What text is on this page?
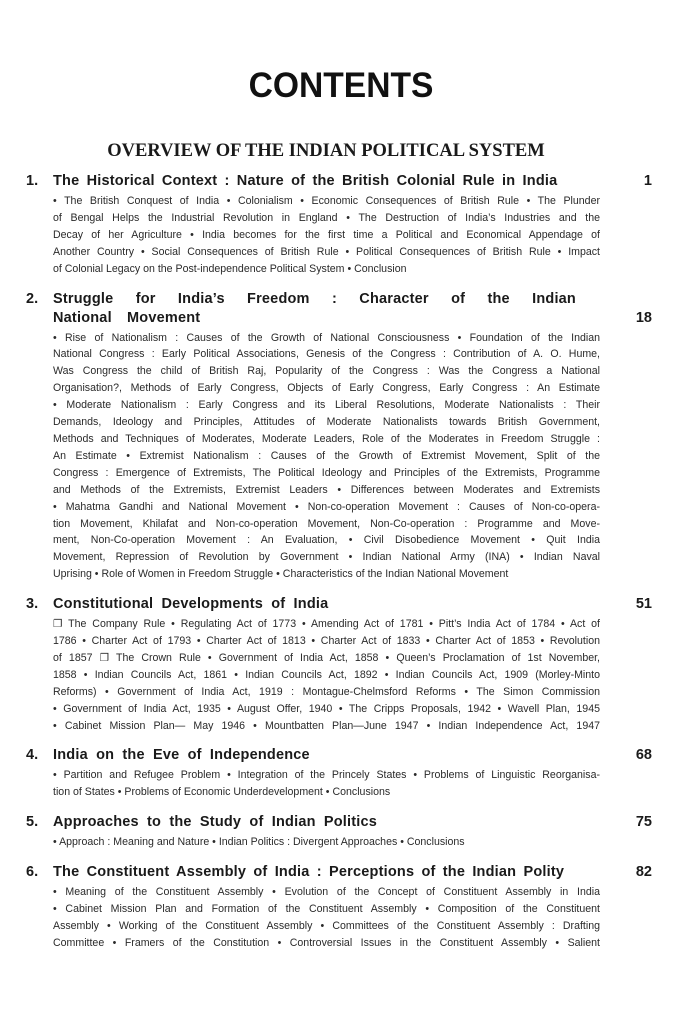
CONTENTS
OVERVIEW OF THE INDIAN POLITICAL SYSTEM
1. The Historical Context : Nature of the British Colonial Rule in India	1
• The British Conquest of India • Colonialism • Economic Consequences of British Rule • The Plunder
of Bengal Helps the Industrial Revolution in England • The Destruction of India’s Industries and the
Decay of her Agriculture • India becomes for the first time a Political and Economical Appendage of
Another Country • Social Consequences of British Rule • Political Consequences of British Rule • Impact
of Colonial Legacy on the Post-independence Political System • Conclusion
2. Struggle for India’s Freedom : Character of the Indian National Movement	18
• Rise of Nationalism : Causes of the Growth of National Consciousness • Foundation of the Indian
National Congress : Early Political Associations, Genesis of the Congress : Contribution of A. O. Hume,
Was Congress the child of British Raj, Popularity of the Congress : Was the Congress a National
Organisation?, Methods of Early Congress, Objects of Early Congress, Early Congress : An Estimate
• Moderate Nationalism : Early Congress and its Liberal Resolutions, Moderate Nationalists : Their
Demands, Ideology and Principles, Attitudes of Moderate Nationalists towards British Government,
Methods and Techniques of Moderates, Moderate Leaders, Role of the Moderates in Freedom Struggle :
An Estimate • Extremist Nationalism : Causes of the Growth of Extremist Movement, Split of the
Congress : Emergence of Extremists, The Political Ideology and Principles of the Extremists, Programme
and Methods of the Extremists, Extremist Leaders • Differences between Moderates and Extremists
• Mahatma Gandhi and National Movement • Non-co-operation Movement : Causes of Non-co-opera-
tion Movement, Khilafat and Non-co-operation Movement, Non-Co-operation : Programme and Move-
ment, Non-Co-operation Movement : An Evaluation, • Civil Disobedience Movement • Quit India
Movement, Repression of Revolution by Government • Indian National Army (INA) • Indian Naval
Uprising • Role of Women in Freedom Struggle • Characteristics of the Indian National Movement
3. Constitutional Developments of India	51
❐ The Company Rule • Regulating Act of 1773 • Amending Act of 1781 • Pitt’s India Act of 1784 • Act of
1786 • Charter Act of 1793 • Charter Act of 1813 • Charter Act of 1833 • Charter Act of 1853 • Revolution
of 1857 ❐ The Crown Rule • Government of India Act, 1858 • Queen’s Proclamation of 1st November,
1858 • Indian Councils Act, 1861 • Indian Councils Act, 1892 • Indian Councils Act, 1909 (Morley-Minto
Reforms) • Government of India Act, 1919 : Montague-Chelmsford Reforms • The Simon Commission
• Government of India Act, 1935 • August Offer, 1940 • The Cripps Proposals, 1942 • Wavell Plan, 1945
• Cabinet Mission Plan— May 1946 • Mountbatten Plan—June 1947 • Indian Independence Act, 1947
4. India on the Eve of Independence	68
• Partition and Refugee Problem • Integration of the Princely States • Problems of Linguistic Reorganisa-
tion of States • Problems of Economic Underdevelopment • Conclusions
5. Approaches to the Study of Indian Politics	75
• Approach : Meaning and Nature • Indian Politics : Divergent Approaches • Conclusions
6. The Constituent Assembly of India : Perceptions of the Indian Polity	82
• Meaning of the Constituent Assembly • Evolution of the Concept of Constituent Assembly in India
• Cabinet Mission Plan and Formation of the Constituent Assembly • Composition of the Constituent
Assembly • Working of the Constituent Assembly • Committees of the Constituent Assembly : Drafting
Committee • Framers of the Constitution • Controversial Issues in the Constituent Assembly • Salient
